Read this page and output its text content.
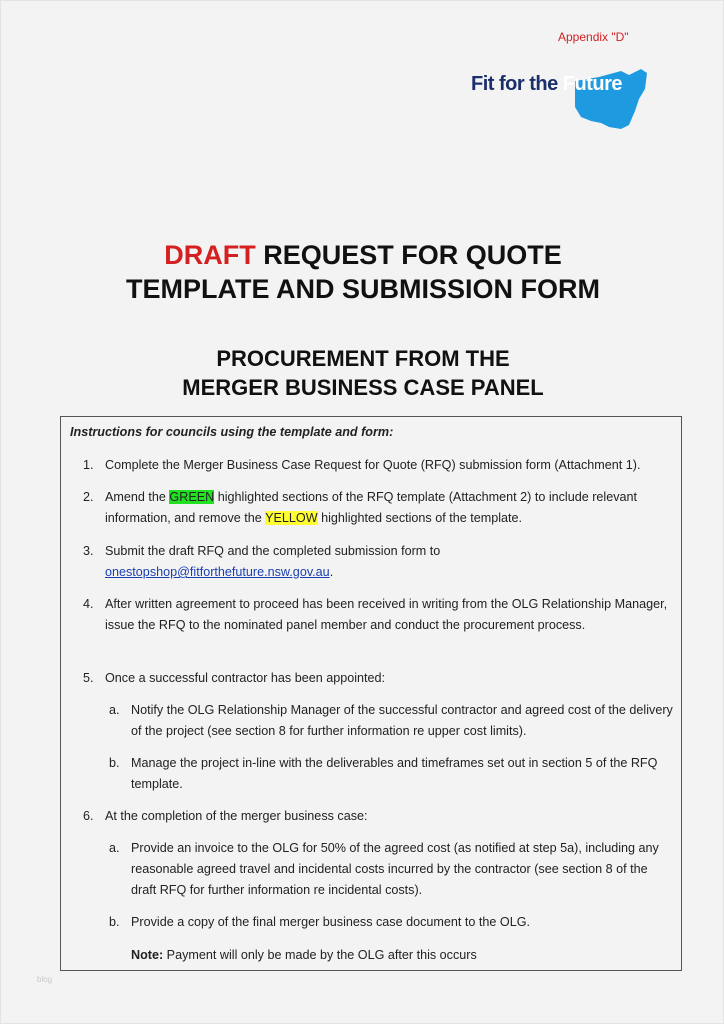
Appendix "D"
Fit for the Future
DRAFT REQUEST FOR QUOTE
TEMPLATE AND SUBMISSION FORM
PROCUREMENT FROM THE
MERGER BUSINESS CASE PANEL
Instructions for councils using the template and form:
1. Complete the Merger Business Case Request for Quote (RFQ) submission form (Attachment 1).
2. Amend the GREEN highlighted sections of the RFQ template (Attachment 2) to include relevant information, and remove the YELLOW highlighted sections of the template.
3. Submit the draft RFQ and the completed submission form to
onestopshop@fitforthefuture.nsw.gov.au.
4. After written agreement to proceed has been received in writing from the OLG Relationship Manager, issue the RFQ to the nominated panel member and conduct the procurement process.
5. Once a successful contractor has been appointed:
a. Notify the OLG Relationship Manager of the successful contractor and agreed cost of the delivery of the project (see section 8 for further information re upper cost limits).
b. Manage the project in-line with the deliverables and timeframes set out in section 5 of the RFQ template.
6. At the completion of the merger business case:
a. Provide an invoice to the OLG for 50% of the agreed cost (as notified at step 5a), including any reasonable agreed travel and incidental costs incurred by the contractor (see section 8 of the draft RFQ for further information re incidental costs).
b. Provide a copy of the final merger business case document to the OLG.
Note: Payment will only be made by the OLG after this occurs
blog
